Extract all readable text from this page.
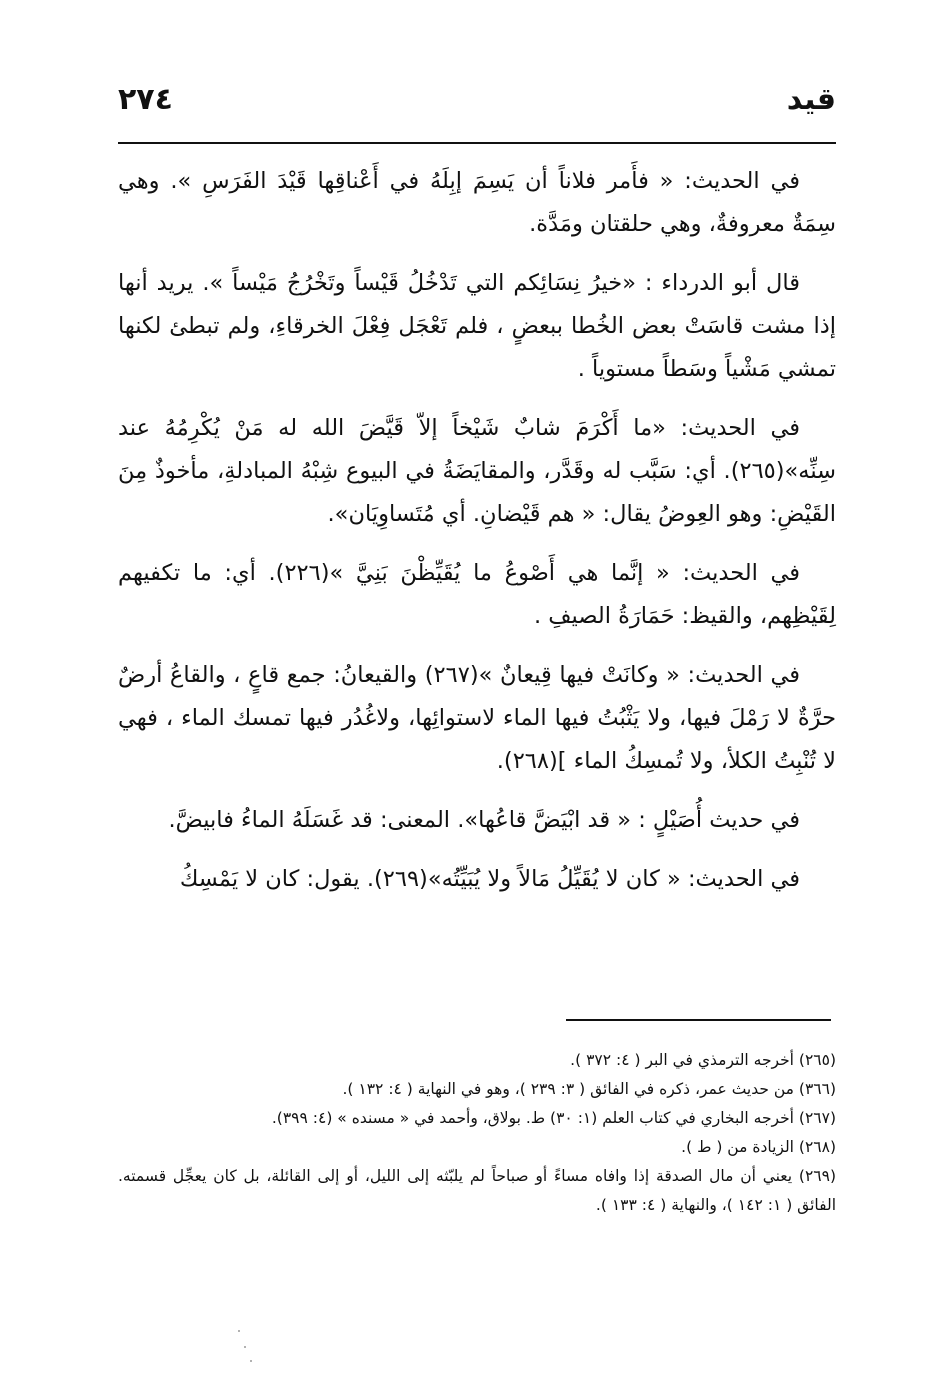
قيد
٢٧٤

في الحديث: « فأَمر فلاناً أن يَسِمَ إبِلَهُ في أَعْناقِها قَيْدَ الفَرَسِ ». وهي سِمَةٌ معروفةٌ، وهي حلقتان ومَدَّة.

قال أبو الدرداء : «خيرُ نِسَائِكم التي تَدْخُلُ قَيْساً وتَخْرُجُ مَيْساً ». يريد أنها إذا مشت قاسَتْ بعض الخُطا ببعضٍ ، فلم تَعْجَل فِعْلَ الخرقاءِ، ولم تبطئ لكنها تمشي مَشْياً وسَطاً مستوياً .

في الحديث: «ما أَكْرَمَ شابٌ شَيْخاً إلاّ قَيَّضَ الله له مَنْ يُكْرِمُهُ عند سِنِّه»(٢٦٥). أي: سَبَّب له وقَدَّر، والمقايَضَةُ في البيوع شِبْهُ المبادلةِ، مأخوذٌ مِنَ القَيْضِ: وهو العِوضُ يقال: « هم قَيْضانِ. أي مُتَساوِيَان».

في الحديث: « إنَّما هي أَصْوعُ ما يُقَيِّظْنَ بَنِيَّ »(٢٢٦). أي: ما تكفيهم لِقَيْظِهم، والقيظ: حَمَارَةُ الصيفِ .

في الحديث: « وكانَتْ فيها قِيعانٌ »(٢٦٧) والقيعانُ: جمع قاعٍ ، والقاعُ أرضٌ حرَّةٌ لا رَمْلَ فيها، ولا يَثْبُتُ فيها الماء لاستوائِها، ولاغُدُر فيها تمسك الماء ، فهي لا تُنْبِتُ الكلأ، ولا تُمسِكُ الماء ](٢٦٨).

في حديث أُصَيْلٍ : « قد ابْيَضَّ قاعُها». المعنى: قد غَسَلَهُ الماءُ فابيضَّ.

في الحديث: « كان لا يُقَيِّلُ مَالاً ولا يُبَيِّتُه»(٢٦٩). يقول: كان لا يَمْسِكُ

(٢٦٥) أخرجه الترمذي في البر ( ٤: ٣٧٢ ).

(٣٦٦) من حديث عمر، ذكره في الفائق ( ٣: ٢٣٩ )، وهو في النهاية ( ٤: ١٣٢ ).

(٢٦٧) أخرجه البخاري في كتاب العلم (١: ٣٠) ط. بولاق، وأحمد في « مسنده » (٤: ٣٩٩).

(٢٦٨) الزيادة من ( ط ).

(٢٦٩) يعني أن مال الصدقة إذا وافاه مساءً أو صباحاً لم يلبّثه إلى الليل، أو إلى القائلة، بل كان يعجِّل قسمته. الفائق ( ١: ١٤٢ )، والنهاية ( ٤: ١٣٣ ).
